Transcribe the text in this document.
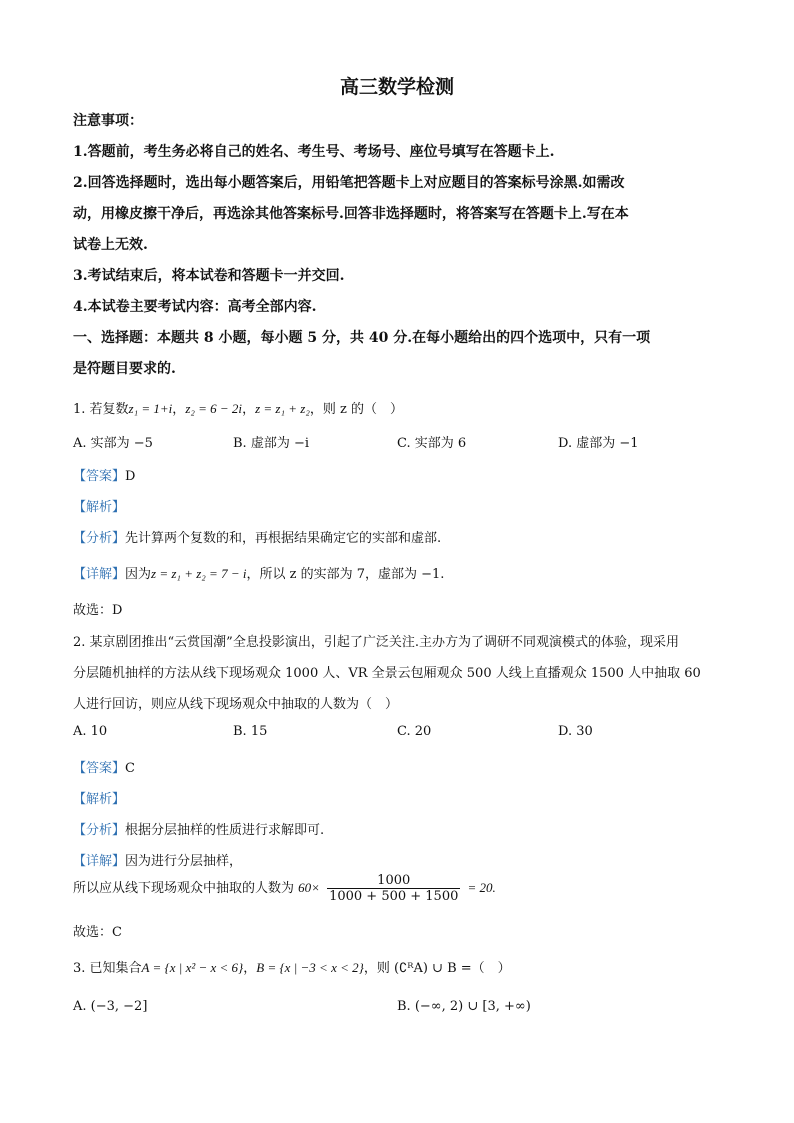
高三数学检测
注意事项：
1.答题前，考生务必将自己的姓名、考生号、考场号、座位号填写在答题卡上.
2.回答选择题时，选出每小题答案后，用铅笔把答题卡上对应题目的答案标号涂黑.如需改
动，用橡皮擦干净后，再选涂其他答案标号.回答非选择题时，将答案写在答题卡上.写在本
试卷上无效.
3.考试结束后，将本试卷和答题卡一并交回.
4.本试卷主要考试内容：高考全部内容.
一、选择题：本题共 8 小题，每小题 5 分，共 40 分.在每小题给出的四个选项中，只有一项
是符题目要求的.
1. 若复数z₁ = 1+i，z₂ = 6 − 2i，z = z₁ + z₂，则 z 的（　）
A. 实部为 −5	B. 虚部为 −i	C. 实部为 6	D. 虚部为 −1
【答案】D
【解析】
【分析】先计算两个复数的和，再根据结果确定它的实部和虚部.
【详解】因为z = z₁ + z₂ = 7 − i，所以 z 的实部为 7，虚部为 −1.
故选：D
2. 某京剧团推出“云赏国潮”全息投影演出，引起了广泛关注.主办方为了调研不同观演模式的体验，现采用
分层随机抽样的方法从线下现场观众 1000 人、VR 全景云包厢观众 500 人线上直播观众 1500 人中抽取 60
人进行回访，则应从线下现场观众中抽取的人数为（　）
A. 10	B. 15	C. 20	D. 30
【答案】C
【解析】
【分析】根据分层抽样的性质进行求解即可.
【详解】因为进行分层抽样，
所以应从线下现场观众中抽取的人数为 $60\times \frac{1000}{1000 + 500 + 1500} = 20$.
故选：C
3. 已知集合A = {x | x² − x < 6}，B = {x | −3 < x < 2}，则 (∁ᴿA) ∪ B =（　）
A. (−3, −2]	B. (−∞, 2) ∪ [3, +∞)
